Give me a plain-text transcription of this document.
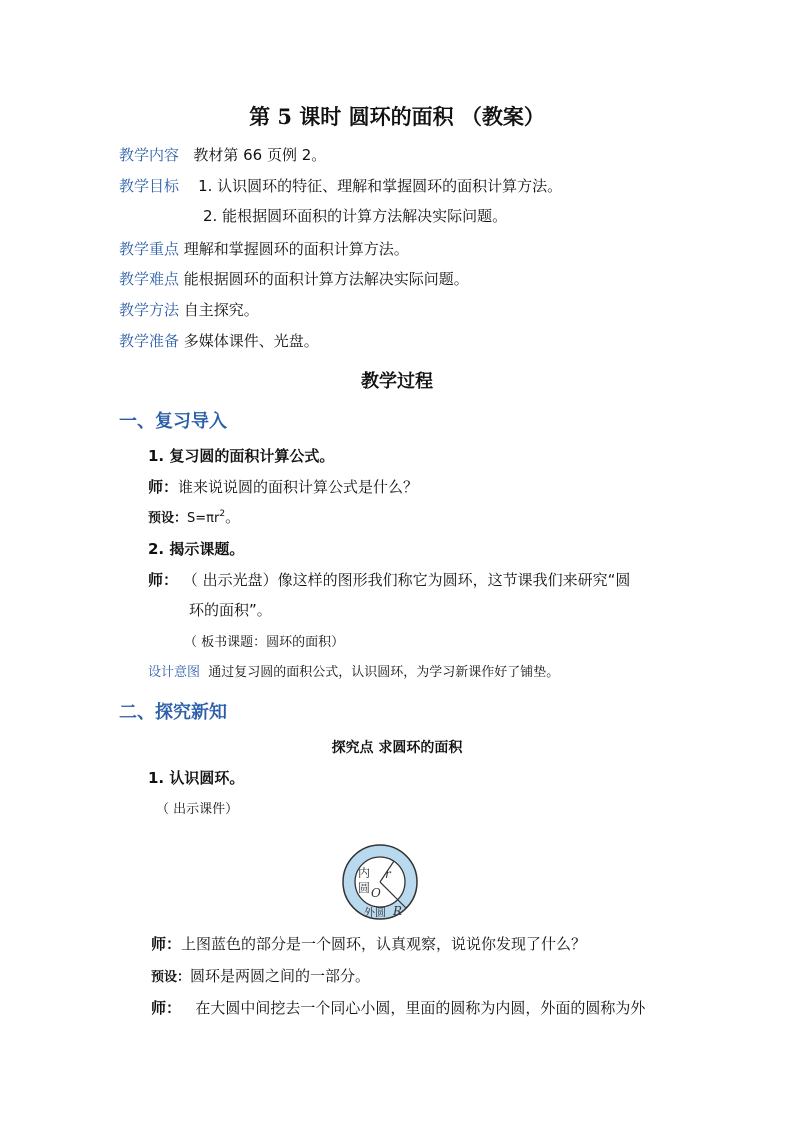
第 5 课时 圆环的面积 （教案）
教学内容 教材第 66 页例 2。
教学目标 1. 认识圆环的特征、理解和掌握圆环的面积计算方法。
2. 能根据圆环面积的计算方法解决实际问题。
教学重点 理解和掌握圆环的面积计算方法。
教学难点 能根据圆环的面积计算方法解决实际问题。
教学方法 自主探究。
教学准备 多媒体课件、光盘。
教学过程
一、复习导入
1. 复习圆的面积计算公式。
师：谁来说说圆的面积计算公式是什么？
预设：$S=\pi r^2$。
2. 揭示课题。
师： （ 出示光盘）像这样的图形我们称它为圆环，这节课我们来研究“圆
环的面积”。
（ 板书课题：圆环的面积）
设计意图 通过复习圆的面积公式，认识圆环，为学习新课作好了铺垫。
二、探究新知
探究点 求圆环的面积
1. 认识圆环。
（ 出示课件）
内
圆 O
r
外圆 R
师：上图蓝色的部分是一个圆环，认真观察，说说你发现了什么？
预设：圆环是两圆之间的一部分。
师： 在大圆中间挖去一个同心小圆，里面的圆称为内圆，外面的圆称为外
